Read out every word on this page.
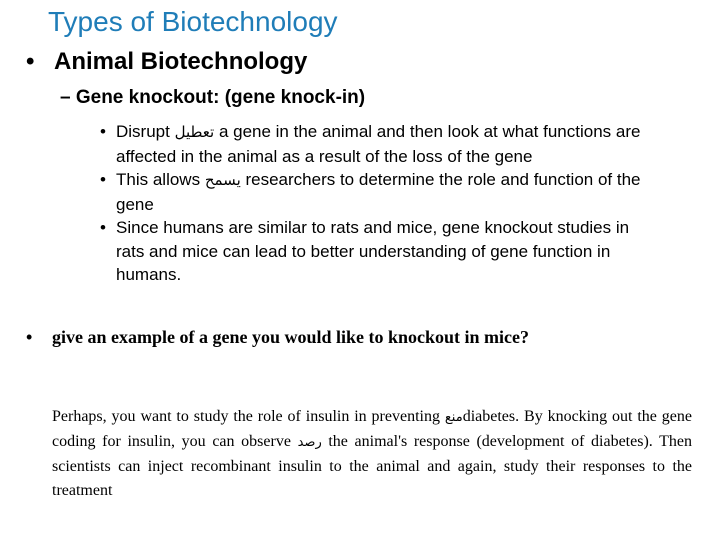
Types of Biotechnology
• Animal Biotechnology
– Gene knockout: (gene knock-in)
• Disrupt تعطيل a gene in the animal and then look at what functions are affected in the animal as a result of the loss of the gene
• This allows يسمح researchers to determine the role and function of the gene
• Since humans are similar to rats and mice, gene knockout studies in rats and mice can lead to better understanding of gene function in humans.
• give an example of a gene you would like to knockout in mice?
Perhaps, you want to study the role of insulin in preventing منعdiabetes. By knocking out the gene coding for insulin, you can observe رصد the animal's response (development of diabetes). Then scientists can inject recombinant insulin to the animal and again, study their responses to the treatment
